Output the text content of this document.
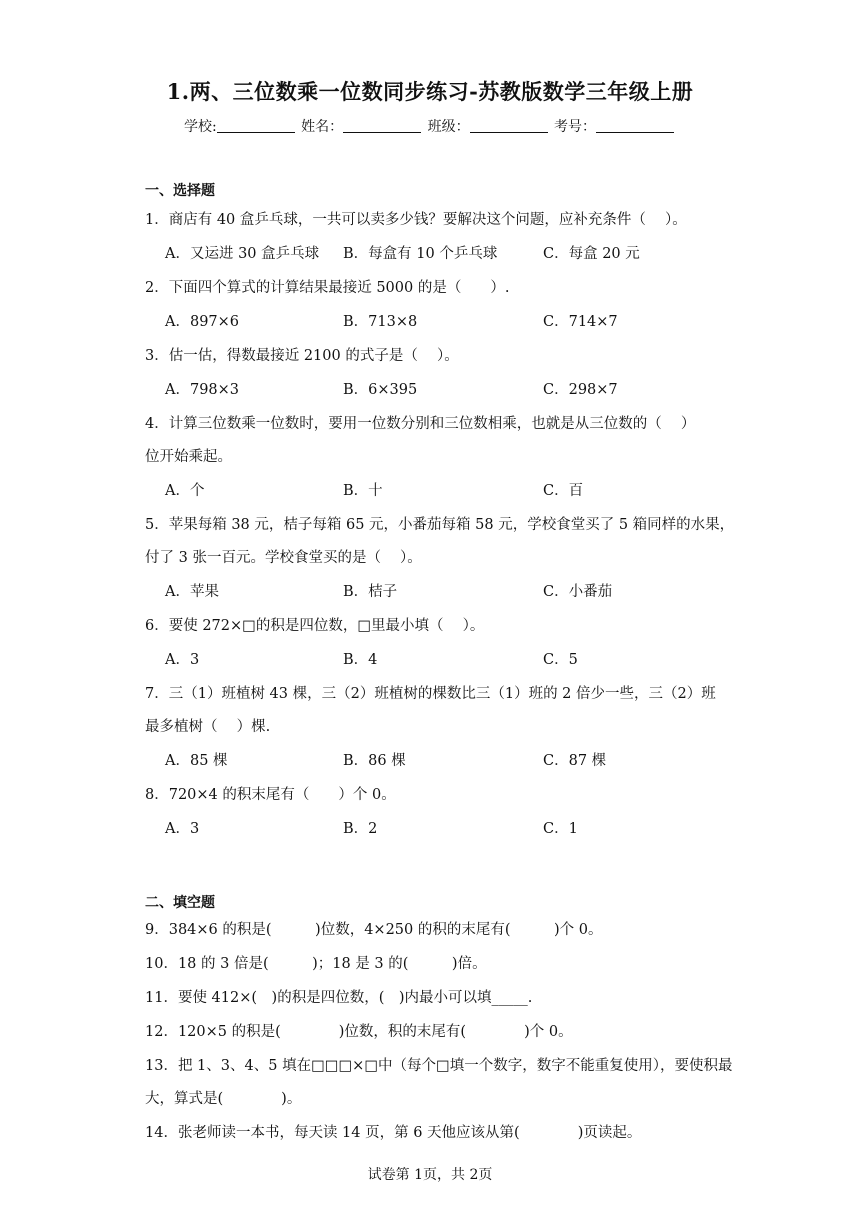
1.两、三位数乘一位数同步练习-苏教版数学三年级上册
学校:	姓名：	班级：	考号：
一、选择题
1．商店有 40 盒乒乓球，一共可以卖多少钱？要解决这个问题，应补充条件（　 ）。
A．又运进 30 盒乒乓球 B．每盒有 10 个乒乓球	C．每盒 20 元
2．下面四个算式的计算结果最接近 5000 的是（　　）.
A．897×6	B．713×8	C．714×7
3．估一估，得数最接近 2100 的式子是（　 ）。
A．798×3	B．6×395	C．298×7
4．计算三位数乘一位数时，要用一位数分别和三位数相乘，也就是从三位数的（　 ）
位开始乘起。
A．个	B．十	C．百
5．苹果每箱 38 元，桔子每箱 65 元，小番茄每箱 58 元，学校食堂买了 5 箱同样的水果，
付了 3 张一百元。学校食堂买的是（　 ）。
A．苹果	B．桔子	C．小番茄
6．要使 272×□的积是四位数，□里最小填（　 ）。
A．3	B．4	C．5
7．三（1）班植树 43 棵，三（2）班植树的棵数比三（1）班的 2 倍少一些，三（2）班
最多植树（　 ）棵.
A．85 棵	B．86 棵	C．87 棵
8．720×4 的积末尾有（　　）个 0。
A．3	B．2	C．1
二、填空题
9．384×6 的积是(　　　)位数，4×250 的积的末尾有(　　　)个 0。
10．18 的 3 倍是(　　　)；18 是 3 的(　　　)倍。
11．要使 412×(　)的积是四位数，(　)内最小可以填_____.
12．120×5 的积是(　　　　)位数，积的末尾有(　　　　)个 0。
13．把 1、3、4、5 填在□□□×□中（每个□填一个数字，数字不能重复使用），要使积最
大，算式是(　　　　)。
14．张老师读一本书，每天读 14 页，第 6 天他应该从第(　　　　)页读起。
试卷第 1页，共 2页
